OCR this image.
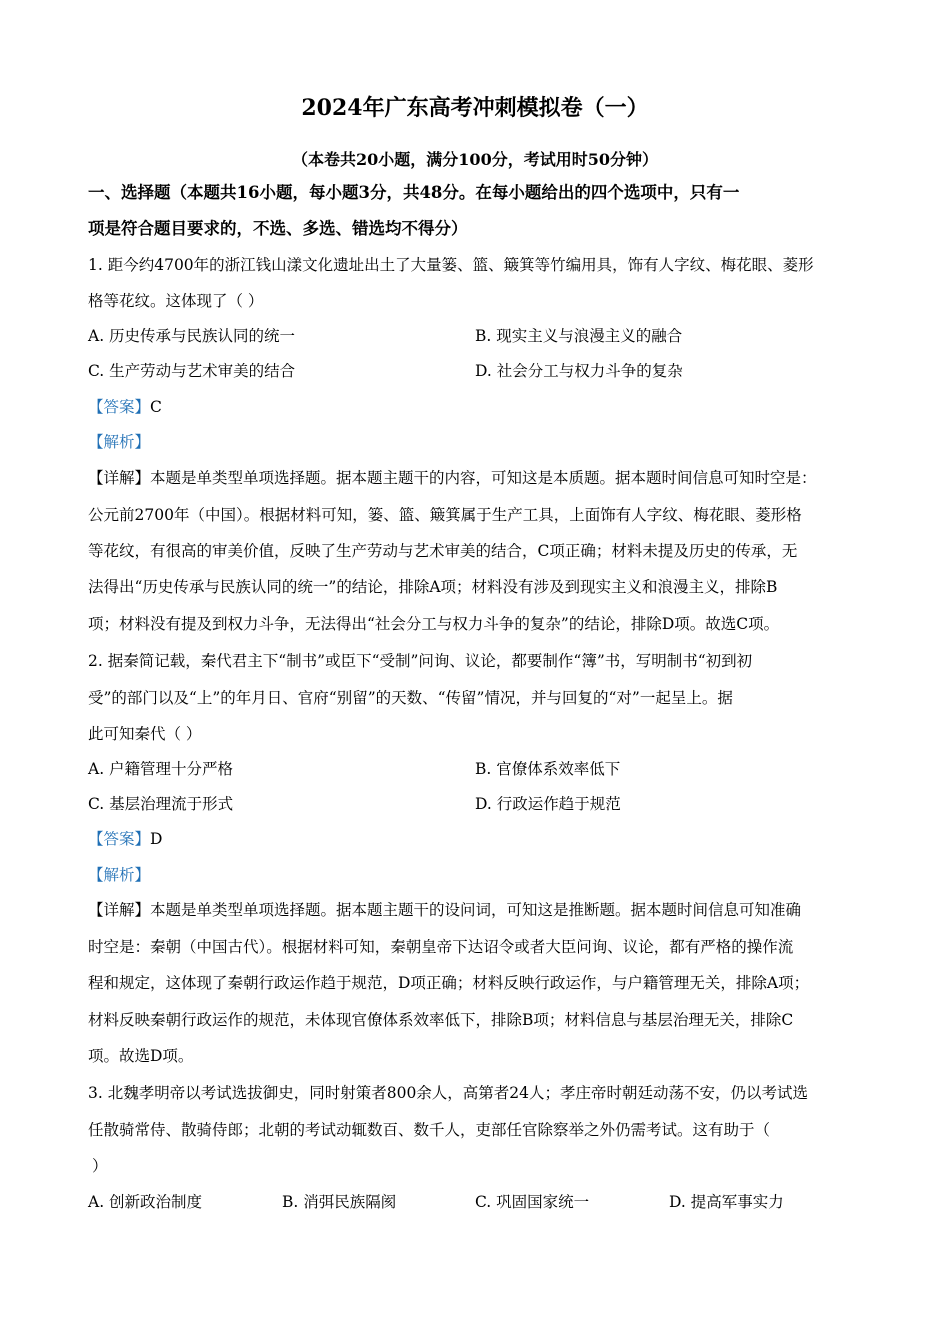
2024年广东高考冲刺模拟卷（一）
（本卷共20小题，满分100分，考试用时50分钟）
一、选择题（本题共16小题，每小题3分，共48分。在每小题给出的四个选项中，只有一
项是符合题目要求的，不选、多选、错选均不得分）
1. 距今约4700年的浙江钱山漾文化遗址出土了大量篓、篮、簸箕等竹编用具，饰有人字纹、梅花眼、菱形
格等花纹。这体现了（ ）
A. 历史传承与民族认同的统一	B. 现实主义与浪漫主义的融合
C. 生产劳动与艺术审美的结合	D. 社会分工与权力斗争的复杂
【答案】C
【解析】
【详解】本题是单类型单项选择题。据本题主题干的内容，可知这是本质题。据本题时间信息可知时空是：
公元前2700年（中国）。根据材料可知，篓、篮、簸箕属于生产工具，上面饰有人字纹、梅花眼、菱形格
等花纹，有很高的审美价值，反映了生产劳动与艺术审美的结合，C项正确；材料未提及历史的传承，无
法得出“历史传承与民族认同的统一”的结论，排除A项；材料没有涉及到现实主义和浪漫主义，排除B
项；材料没有提及到权力斗争，无法得出“社会分工与权力斗争的复杂”的结论，排除D项。故选C项。
2. 据秦简记载，秦代君主下“制书”或臣下“受制”问询、议论，都要制作“簿”书，写明制书“初到初
受”的部门以及“上”的年月日、官府“别留”的天数、“传留”情况，并与回复的“对”一起呈上。据
此可知秦代（ ）
A. 户籍管理十分严格	B. 官僚体系效率低下
C. 基层治理流于形式	D. 行政运作趋于规范
【答案】D
【解析】
【详解】本题是单类型单项选择题。据本题主题干的设问词，可知这是推断题。据本题时间信息可知准确
时空是：秦朝（中国古代）。根据材料可知，秦朝皇帝下达诏令或者大臣问询、议论，都有严格的操作流
程和规定，这体现了秦朝行政运作趋于规范，D项正确；材料反映行政运作，与户籍管理无关，排除A项；
材料反映秦朝行政运作的规范，未体现官僚体系效率低下，排除B项；材料信息与基层治理无关，排除C
项。故选D项。
3. 北魏孝明帝以考试选拔御史，同时射策者800余人，高第者24人；孝庄帝时朝廷动荡不安，仍以考试选
任散骑常侍、散骑侍郎；北朝的考试动辄数百、数千人，吏部任官除察举之外仍需考试。这有助于（
）
A. 创新政治制度	B. 消弭民族隔阂	C. 巩固国家统一	D. 提高军事实力
